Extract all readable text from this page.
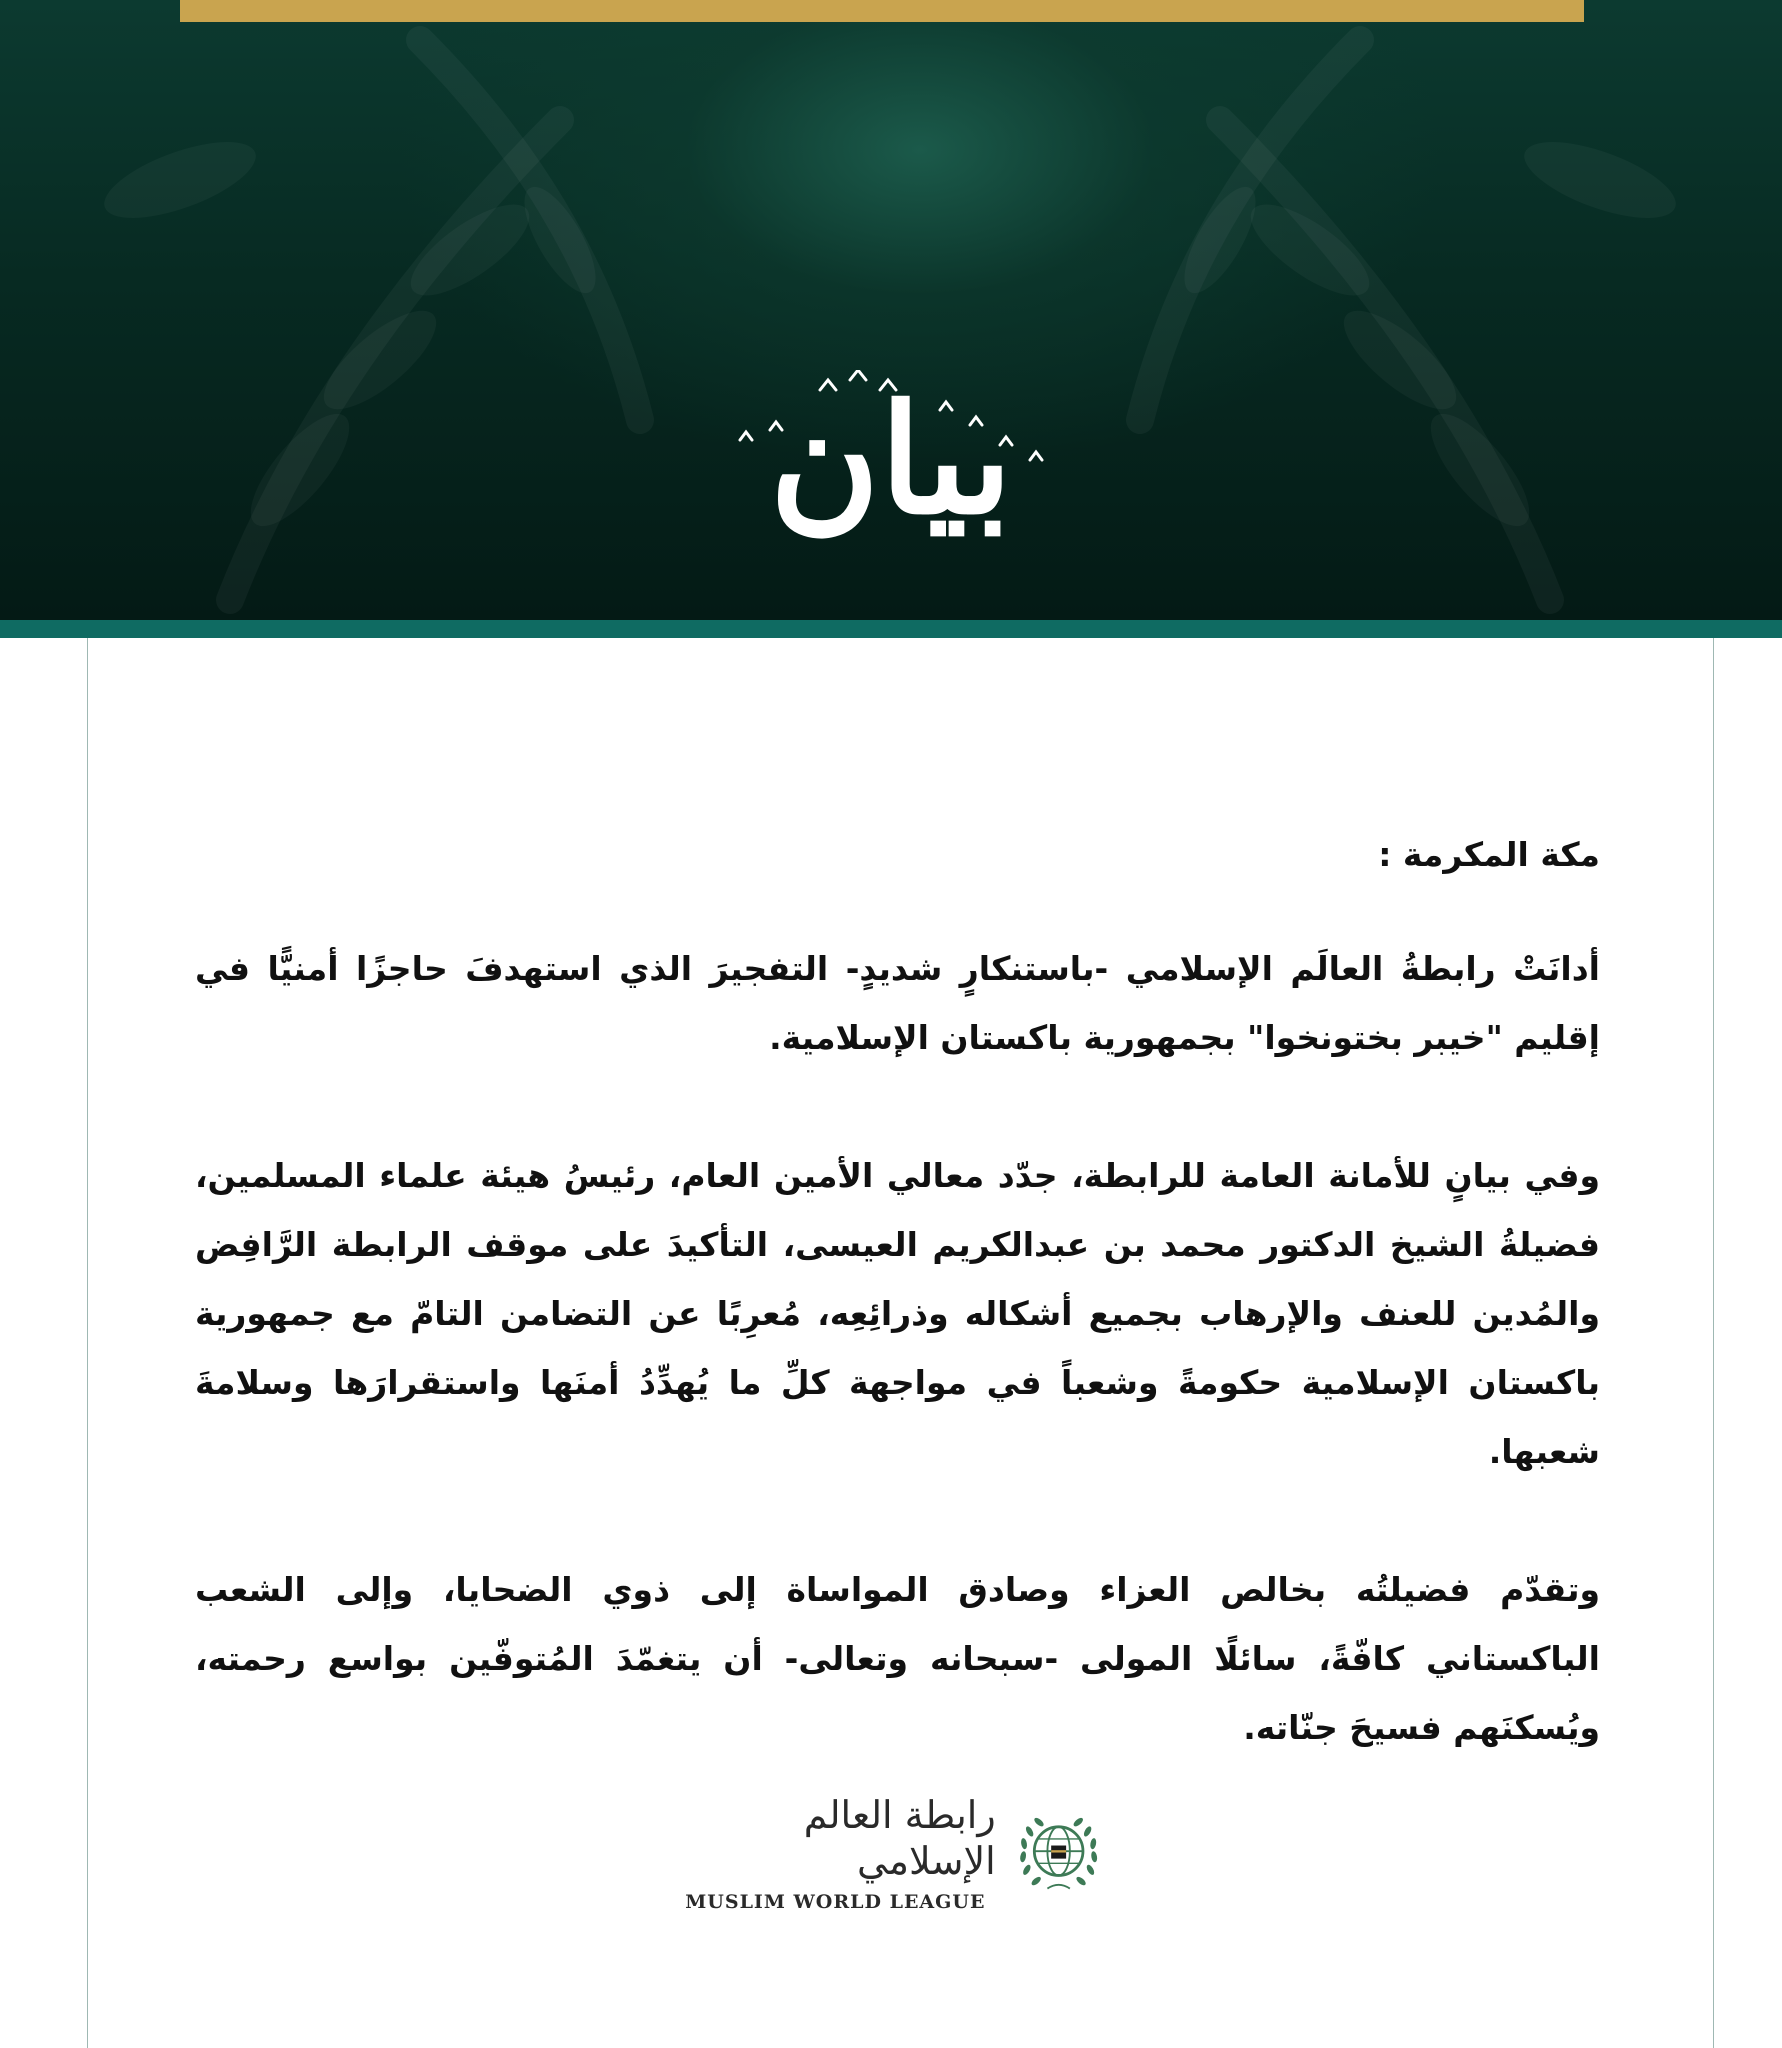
بيان

مكة المكرمة :

أدانَتْ رابطةُ العالَم الإسلامي -باستنكارٍ شديدٍ- التفجيرَ الذي استهدفَ حاجزًا أمنيًّا في إقليم "خيبر بختونخوا" بجمهورية باكستان الإسلامية.

وفي بيانٍ للأمانة العامة للرابطة، جدّد معالي الأمين العام، رئيسُ هيئة علماء المسلمين، فضيلةُ الشيخ الدكتور محمد بن عبدالكريم العيسى، التأكيدَ على موقف الرابطة الرَّافِض والمُدين للعنف والإرهاب بجميع أشكاله وذرائِعِه، مُعرِبًا عن التضامن التامّ مع جمهورية باكستان الإسلامية حكومةً وشعباً في مواجهة كلِّ ما يُهدِّدُ أمنَها واستقرارَها وسلامةَ شعبها.

وتقدّم فضيلتُه بخالص العزاء وصادق المواساة إلى ذوي الضحايا، وإلى الشعب الباكستاني كافّةً، سائلًا المولى -سبحانه وتعالى- أن يتغمّدَ المُتوفّين بواسع رحمته، ويُسكنَهم فسيحَ جنّاته.

رابطة العالم الإسلامي
MUSLIM WORLD LEAGUE
